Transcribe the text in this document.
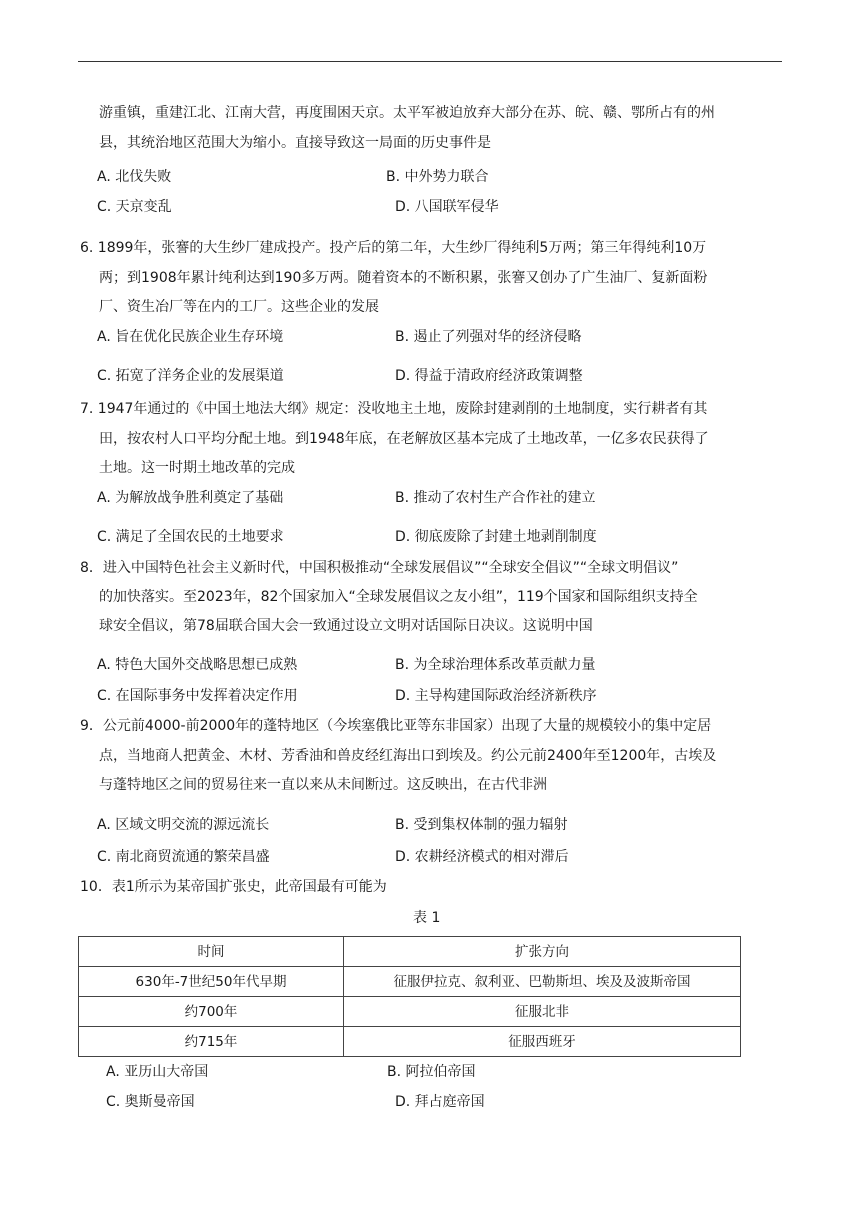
游重镇，重建江北、江南大营，再度围困天京。太平军被迫放弃大部分在苏、皖、赣、鄂所占有的州
县，其统治地区范围大为缩小。直接导致这一局面的历史事件是
A. 北伐失败	B. 中外势力联合
C. 天京变乱	D. 八国联军侵华
6. 1899年，张謇的大生纱厂建成投产。投产后的第二年，大生纱厂得纯利5万两；第三年得纯利10万
两；到1908年累计纯利达到190多万两。随着资本的不断积累，张謇又创办了广生油厂、复新面粉
厂、资生冶厂等在内的工厂。这些企业的发展
A. 旨在优化民族企业生存环境	B. 遏止了列强对华的经济侵略
C. 拓宽了洋务企业的发展渠道	D. 得益于清政府经济政策调整
7. 1947年通过的《中国土地法大纲》规定：没收地主土地，废除封建剥削的土地制度，实行耕者有其
田，按农村人口平均分配土地。到1948年底，在老解放区基本完成了土地改革，一亿多农民获得了
土地。这一时期土地改革的完成
A. 为解放战争胜利奠定了基础	B. 推动了农村生产合作社的建立
C. 满足了全国农民的土地要求	D. 彻底废除了封建土地剥削制度
8．进入中国特色社会主义新时代，中国积极推动“全球发展倡议”“全球安全倡议”“全球文明倡议”
的加快落实。至2023年，82个国家加入“全球发展倡议之友小组”，119个国家和国际组织支持全
球安全倡议，第78届联合国大会一致通过设立文明对话国际日决议。这说明中国
A. 特色大国外交战略思想已成熟	B. 为全球治理体系改革贡献力量
C. 在国际事务中发挥着决定作用	D. 主导构建国际政治经济新秩序
9．公元前4000-前2000年的蓬特地区（今埃塞俄比亚等东非国家）出现了大量的规模较小的集中定居
点，当地商人把黄金、木材、芳香油和兽皮经红海出口到埃及。约公元前2400年至1200年，古埃及
与蓬特地区之间的贸易往来一直以来从未间断过。这反映出，在古代非洲
A. 区域文明交流的源远流长	B. 受到集权体制的强力辐射
C. 南北商贸流通的繁荣昌盛	D. 农耕经济模式的相对滞后
10．表1所示为某帝国扩张史，此帝国最有可能为
表 1
时间	扩张方向
630年-7世纪50年代早期	征服伊拉克、叙利亚、巴勒斯坦、埃及及波斯帝国
约700年	征服北非
约715年	征服西班牙
A. 亚历山大帝国	B. 阿拉伯帝国
C. 奥斯曼帝国	D. 拜占庭帝国
